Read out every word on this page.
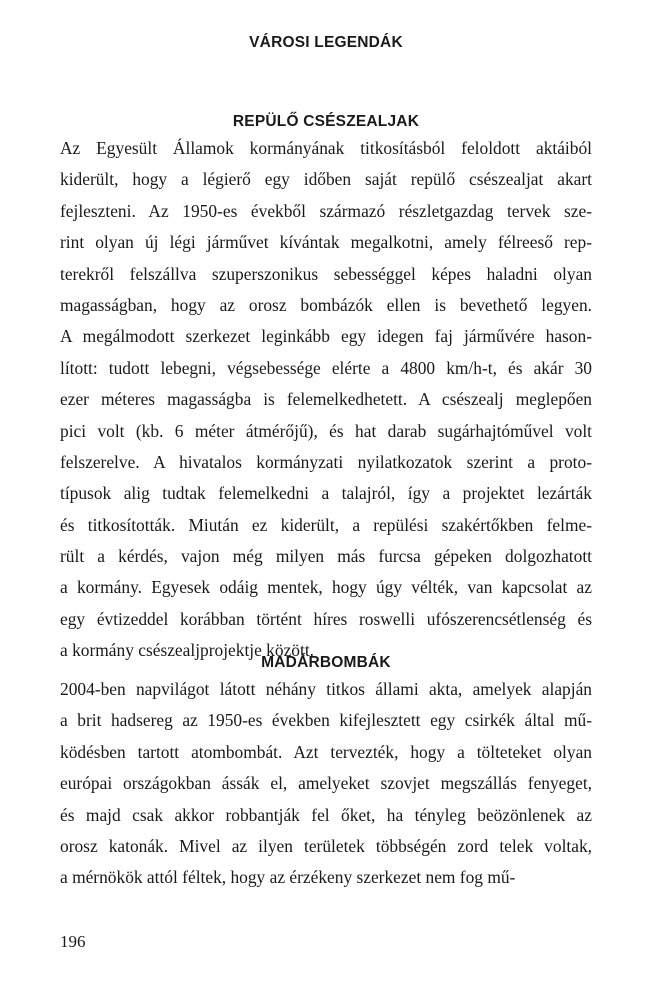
VÁROSI LEGENDÁK
REPÜLŐ CSÉSZEALJAK
Az Egyesült Államok kormányának titkosításból feloldott aktáiból
kiderült, hogy a légierő egy időben saját repülő csészealjat akart
fejleszteni. Az 1950-es évekből származó részletgazdag tervek sze-
rint olyan új légi járművet kívántak megalkotni, amely félreeső rep-
terekről felszállva szuperszonikus sebességgel képes haladni olyan
magasságban, hogy az orosz bombázók ellen is bevethető legyen.
A megálmodott szerkezet leginkább egy idegen faj járművére hason-
lított: tudott lebegni, végsebessége elérte a 4800 km/h-t, és akár 30
ezer méteres magasságba is felemelkedhetett. A csészealj meglepően
pici volt (kb. 6 méter átmérőjű), és hat darab sugárhajtóművel volt
felszerelve. A hivatalos kormányzati nyilatkozatok szerint a proto-
típusok alig tudtak felemelkedni a talajról, így a projektet lezárták
és titkosították. Miután ez kiderült, a repülési szakértőkben felme-
rült a kérdés, vajon még milyen más furcsa gépeken dolgozhatott
a kormány. Egyesek odáig mentek, hogy úgy vélték, van kapcsolat az
egy évtizeddel korábban történt híres roswelli ufószerencsétlenség és
a kormány csészealjprojektje között.
MADÁRBOMBÁK
2004-ben napvilágot látott néhány titkos állami akta, amelyek alapján
a brit hadsereg az 1950-es években kifejlesztett egy csirkék által mű-
ködésben tartott atombombát. Azt tervezték, hogy a tölteteket olyan
európai országokban ássák el, amelyeket szovjet megszállás fenyeget,
és majd csak akkor robbantják fel őket, ha tényleg beözönlenek az
orosz katonák. Mivel az ilyen területek többségén zord telek voltak,
a mérnökök attól féltek, hogy az érzékeny szerkezet nem fog mű-
196
